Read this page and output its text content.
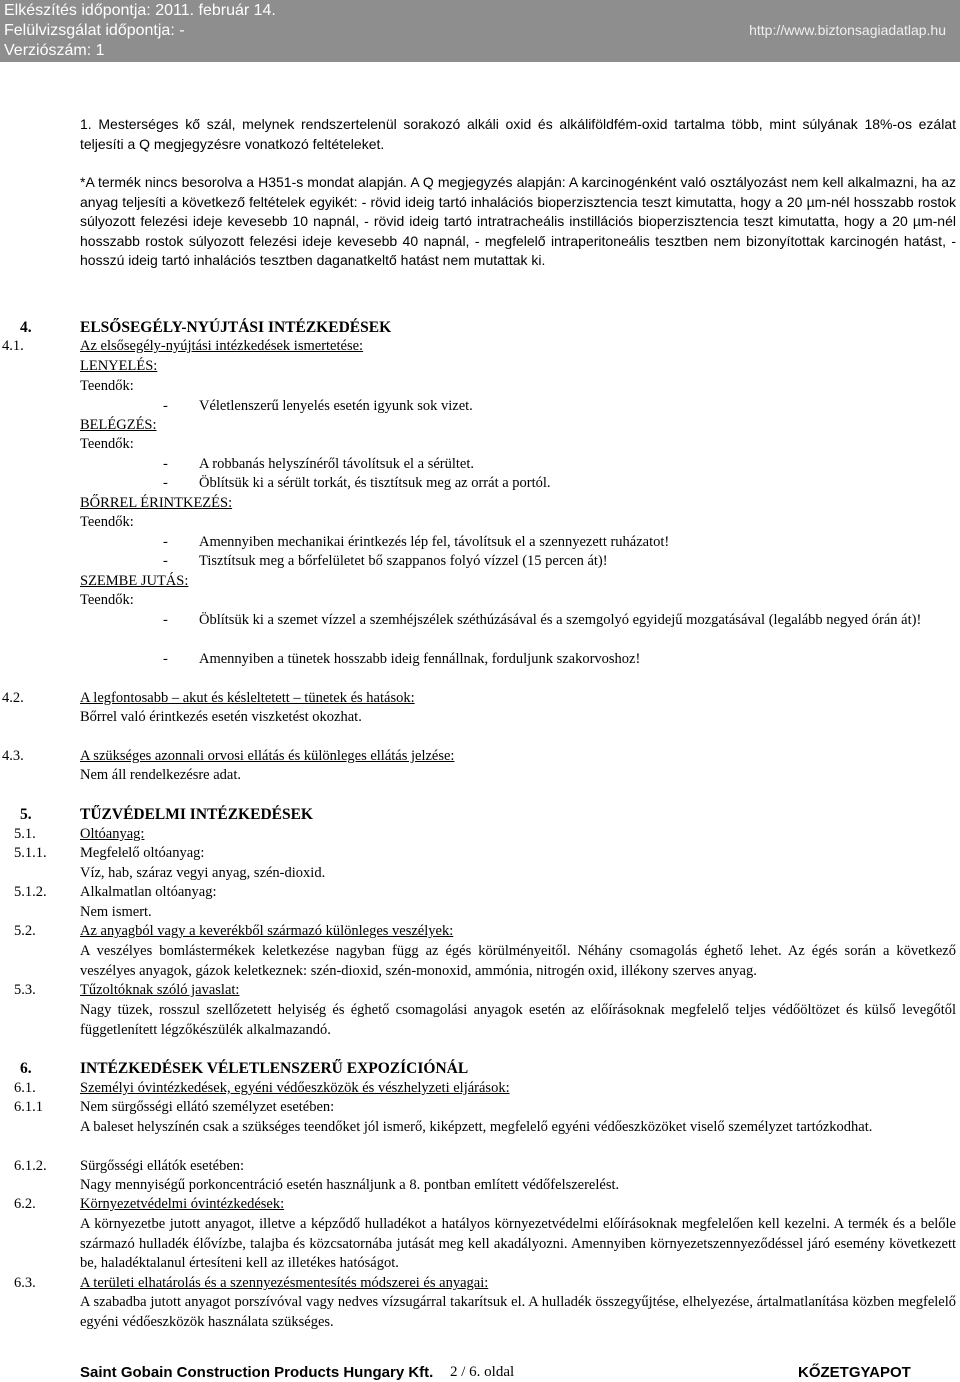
Elkészítés időpontja: 2011. február 14.
Felülvizsgálat időpontja: -
Verziószám: 1
http://www.biztonsagiadatlap.hu
1. Mesterséges kő szál, melynek rendszertelenül sorakozó alkáli oxid és alkáliföldfém-oxid tartalma több, mint súlyának 18%-os ezálat teljesíti a Q megjegyzésre vonatkozó feltételeket.
*A termék nincs besorolva a H351-s mondat alapján. A Q megjegyzés alapján: A karcinogénként való osztályozást nem kell alkalmazni, ha az anyag teljesíti a következő feltételek egyikét: - rövid ideig tartó inhalációs bioperzisztencia teszt kimutatta, hogy a 20 µm-nél hosszabb rostok súlyozott felezési ideje kevesebb 10 napnál, - rövid ideig tartó intratracheális instillációs bioperzisztencia teszt kimutatta, hogy a 20 µm-nél hosszabb rostok súlyozott felezési ideje kevesebb 40 napnál, - megfelelő intraperitoneális tesztben nem bizonyítottak karcinogén hatást, - hosszú ideig tartó inhalációs tesztben daganatkeltő hatást nem mutattak ki.
4.	ELSŐSEGÉLY-NYÚJTÁSI INTÉZKEDÉSEK
4.1.	Az elsősegély-nyújtási intézkedések ismertetése:
LENYELÉS:
Teendők:
- Véletlenszerű lenyelés esetén igyunk sok vizet.
BELÉGZÉS:
Teendők:
- A robbanás helyszínéről távolítsuk el a sérültet.
- Öblítsük ki a sérült torkát, és tisztítsuk meg az orrát a portól.
BŐRREL ÉRINTKEZÉS:
Teendők:
- Amennyiben mechanikai érintkezés lép fel, távolítsuk el a szennyezett ruházatot!
- Tisztítsuk meg a bőrfelületet bő szappanos folyó vízzel (15 percen át)!
SZEMBE JUTÁS:
Teendők:
- Öblítsük ki a szemet vízzel a szemhéjszélek széthúzásával és a szemgolyó egyidejű mozgatásával (legalább negyed órán át)!
- Amennyiben a tünetek hosszabb ideig fennállnak, forduljunk szakorvoshoz!
4.2.	A legfontosabb – akut és késleltetett – tünetek és hatások:
Bőrrel való érintkezés esetén viszketést okozhat.
4.3.	A szükséges azonnali orvosi ellátás és különleges ellátás jelzése:
Nem áll rendelkezésre adat.
5.	TŰZVÉDELMI INTÉZKEDÉSEK
5.1.	Oltóanyag:
5.1.1. Megfelelő oltóanyag:
Víz, hab, száraz vegyi anyag, szén-dioxid.
5.1.2. Alkalmatlan oltóanyag:
Nem ismert.
5.2.	Az anyagból vagy a keverékből származó különleges veszélyek:
A veszélyes bomlástermékek keletkezése nagyban függ az égés körülményeitől. Néhány csomagolás éghető lehet. Az égés során a következő veszélyes anyagok, gázok keletkeznek: szén-dioxid, szén-monoxid, ammónia, nitrogén oxid, illékony szerves anyag.
5.3.	Tűzoltóknak szóló javaslat:
Nagy tüzek, rosszul szellőzetett helyiség és éghető csomagolási anyagok esetén az előírásoknak megfelelő teljes védőöltözet és külső levegőtől függetlenített légzőkészülék alkalmazandó.
6.	INTÉZKEDÉSEK VÉLETLENSZERŰ EXPOZÍCIÓNÁL
6.1.	Személyi óvintézkedések, egyéni védőeszközök és vészhelyzeti eljárások:
6.1.1	Nem sürgősségi ellátó személyzet esetében:
A baleset helyszínén csak a szükséges teendőket jól ismerő, kiképzett, megfelelő egyéni védőeszközöket viselő személyzet tartózkodhat.
6.1.2. Sürgősségi ellátók esetében:
Nagy mennyiségű porkoncentráció esetén használjunk a 8. pontban említett védőfelszerelést.
6.2.	Környezetvédelmi óvintézkedések:
A környezetbe jutott anyagot, illetve a képződő hulladékot a hatályos környezetvédelmi előírásoknak megfelelően kell kezelni. A termék és a belőle származó hulladék élővízbe, talajba és közcsatornába jutását meg kell akadályozni. Amennyiben környezetszennyeződéssel járó esemény következett be, haladéktalanul értesíteni kell az illetékes hatóságot.
6.3.	A területi elhatárolás és a szennyezésmentesítés módszerei és anyagai:
A szabadba jutott anyagot porszívóval vagy nedves vízsugárral takarítsuk el. A hulladék összegyűjtése, elhelyezése, ártalmatlanítása közben megfelelő egyéni védőeszközök használata szükséges.
Saint Gobain Construction Products Hungary Kft. 2 / 6. oldal	KŐZETGYAPOT
